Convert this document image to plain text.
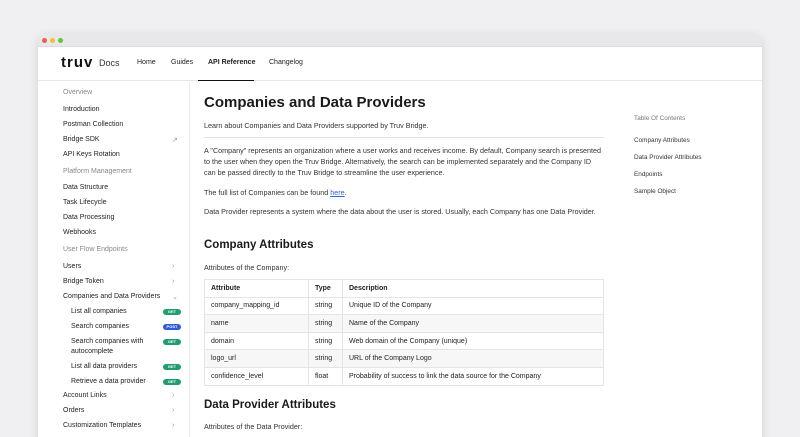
truv Docs Home Guides API Reference Changelog
Overview
Introduction
Postman Collection
Bridge SDK	↗
API Keys Rotation
Platform Management
Data Structure
Task Lifecycle
Data Processing
Webhooks
User Flow Endpoints
Users	›
Bridge Token	›
Companies and Data Providers ⌄
List all companies	GET
Search companies	POST
Search companies with
autocomplete
GET
List all data providers	GET
Retrieve a data provider	GET
Account Links	›
Orders	›
Customization Templates	›
Companies and Data Providers
Learn about Companies and Data Providers supported by Truv Bridge.
A "Company" represents an organization where a user works and receives income. By default, Company search is presented to the user when they open the Truv Bridge. Alternatively, the search can be implemented separately and the Company ID can be passed directly to the Truv Bridge to streamline the user experience.
The full list of Companies can be found here.
Data Provider represents a system where the data about the user is stored. Usually, each Company has one Data Provider.
Company Attributes
Attributes of the Company:
Attribute	Type	Description
company_mapping_id	string	Unique ID of the Company
name	string	Name of the Company
domain	string	Web domain of the Company (unique)
logo_url	string	URL of the Company Logo
confidence_level	float	Probability of success to link the data source for the Company
Data Provider Attributes
Attributes of the Data Provider:
Table Of Contents
Company Attributes
Data Provider Attributes
Endpoints
Sample Object
